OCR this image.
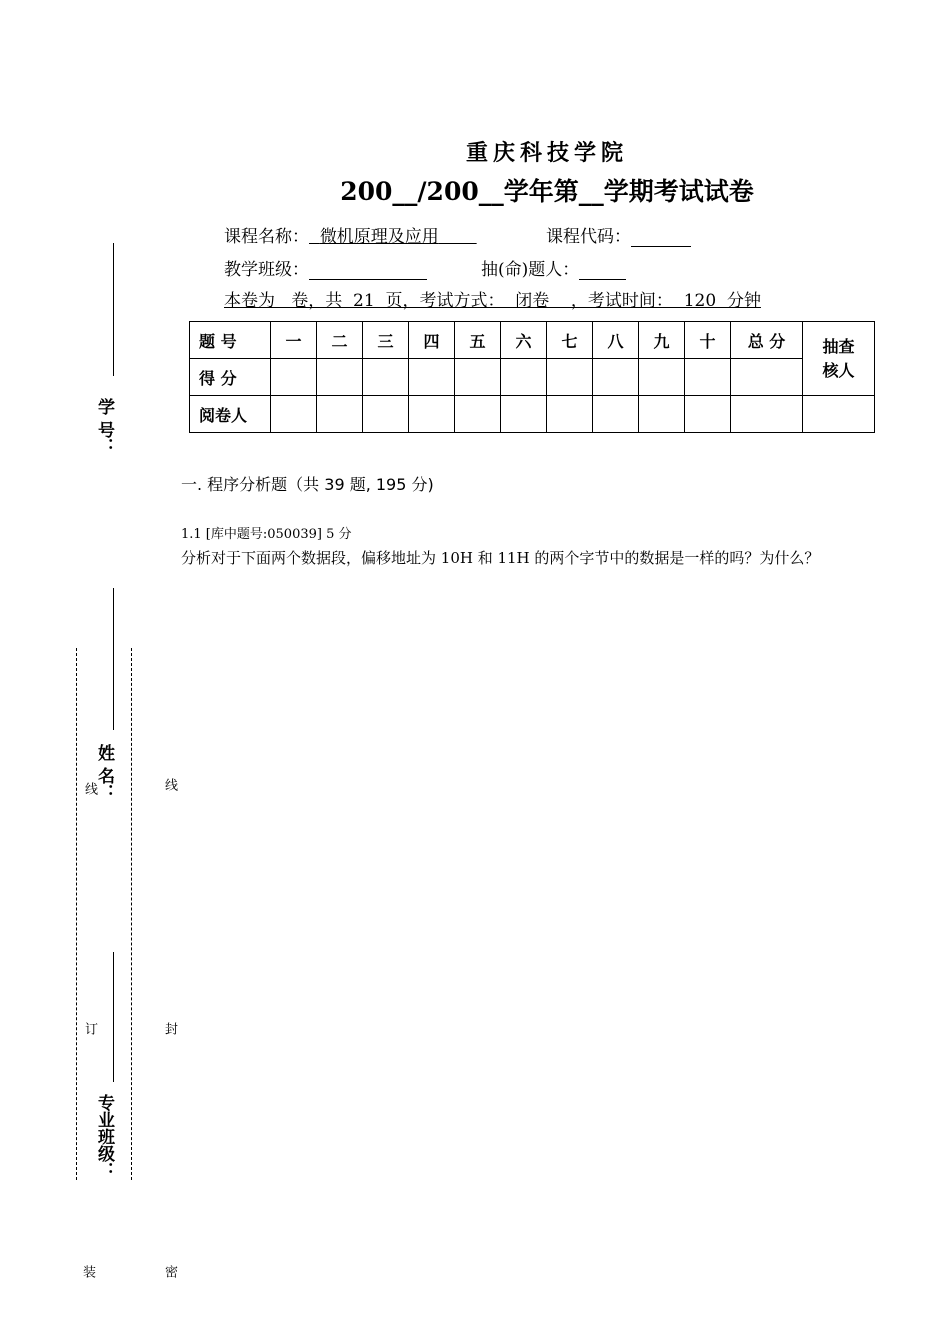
重庆科技学院
200__/200__学年第__学期考试试卷
课程名称： 微机原理及应用	课程代码：
教学班级：	抽(命)题人：
本卷为   卷，共  21  页，考试方式：  闭卷    ，考试时间：  120  分钟
题 号	一	二	三	四	五	六	七	八	九	十	总 分	抽查
核人
得 分												
阅卷人												
一. 程序分析题（共 39 题, 195 分)
1.1 [库中题号:050039] 5 分
分析对于下面两个数据段，偏移地址为 10H 和 11H 的两个字节中的数据是一样的吗？为什么？
学 号：
姓 名：
专业班级：
线	线
订	封
装	密
